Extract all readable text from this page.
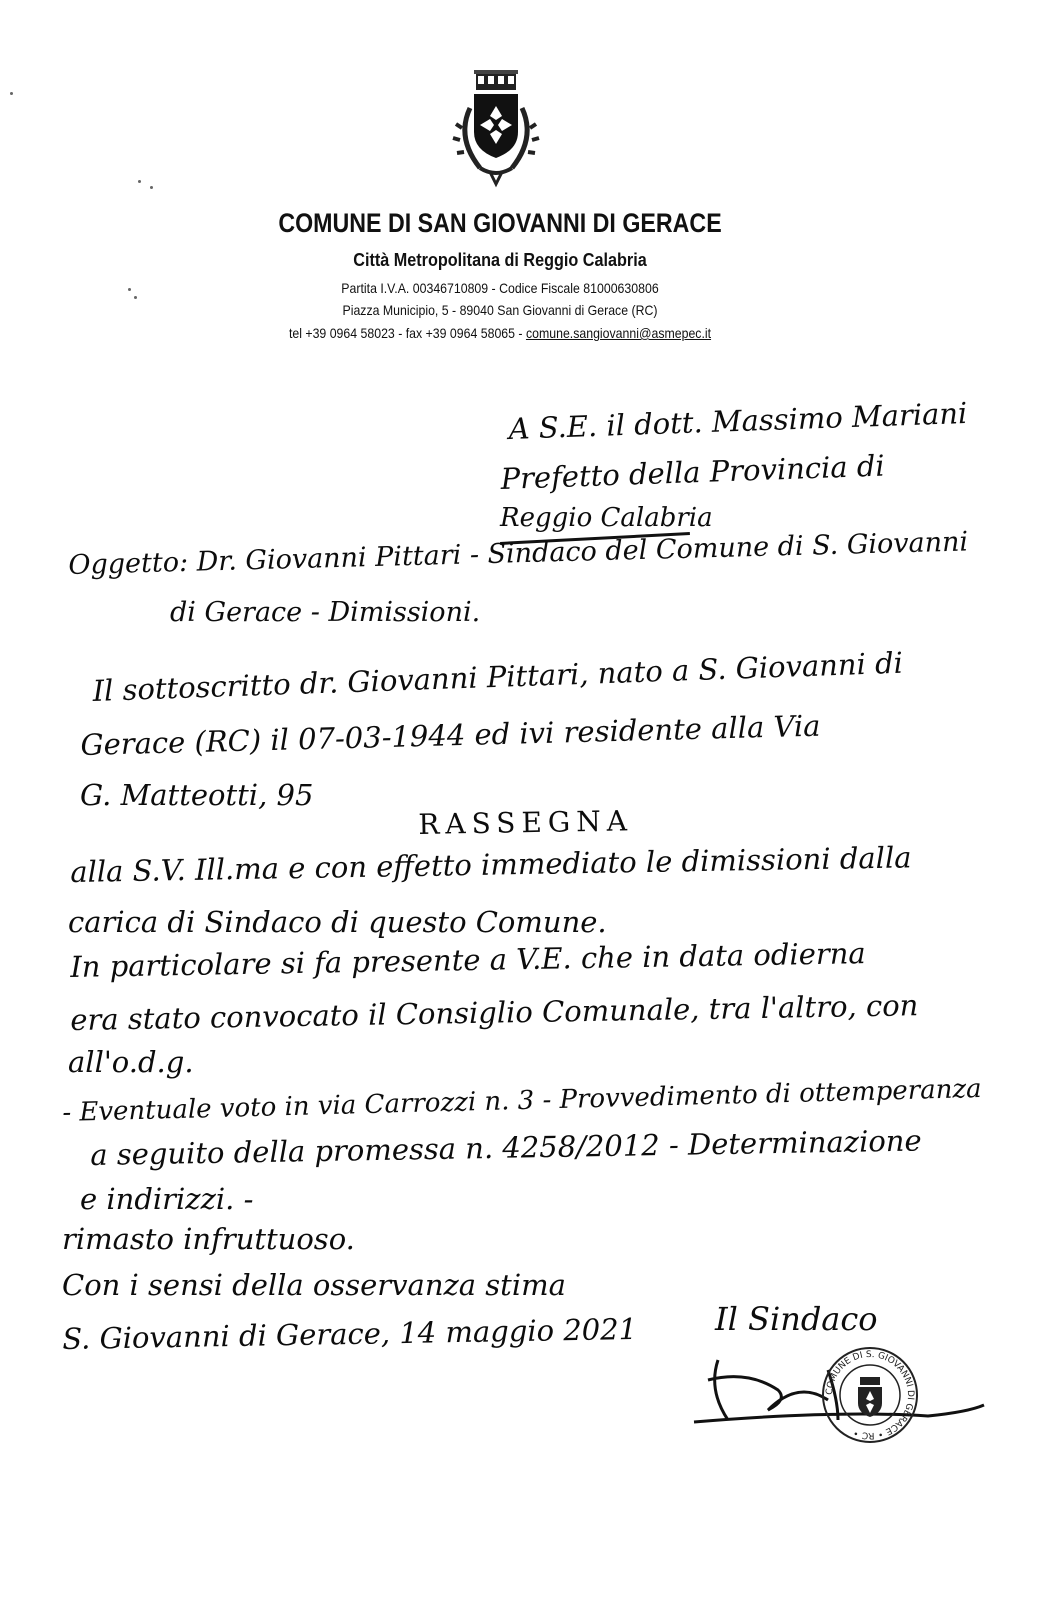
COMUNE DI SAN GIOVANNI DI GERACE
Città Metropolitana di Reggio Calabria
Partita I.V.A. 00346710809 - Codice Fiscale 81000630806
Piazza Municipio, 5 - 89040 San Giovanni di Gerace (RC)
tel +39 0964 58023 - fax +39 0964 58065 - comune.sangiovanni@asmepec.it
A S.E. il dott. Massimo Mariani
Prefetto della Provincia di
Reggio Calabria
Oggetto: Dr. Giovanni Pittari - Sindaco del Comune di S. Giovanni
di Gerace - Dimissioni.
Il sottoscritto dr. Giovanni Pittari, nato a S. Giovanni di
Gerace (RC) il 07-03-1944 ed ivi residente alla Via
G. Matteotti, 95
RASSEGNA
alla S.V. Ill.ma e con effetto immediato le dimissioni dalla
carica di Sindaco di questo Comune.
In particolare si fa presente a V.E. che in data odierna
era stato convocato il Consiglio Comunale, tra l'altro, con
all'o.d.g.
- Eventuale voto in via Carrozzi n. 3 - Provvedimento di ottemperanza
a seguito della promessa n. 4258/2012 - Determinazione
e indirizzi. -
rimasto infruttuoso.
Con i sensi della osservanza stima
S. Giovanni di Gerace, 14 maggio 2021 Il Sindaco
COMUNE DI S. GIOVANNI DI GERACE • RC •
